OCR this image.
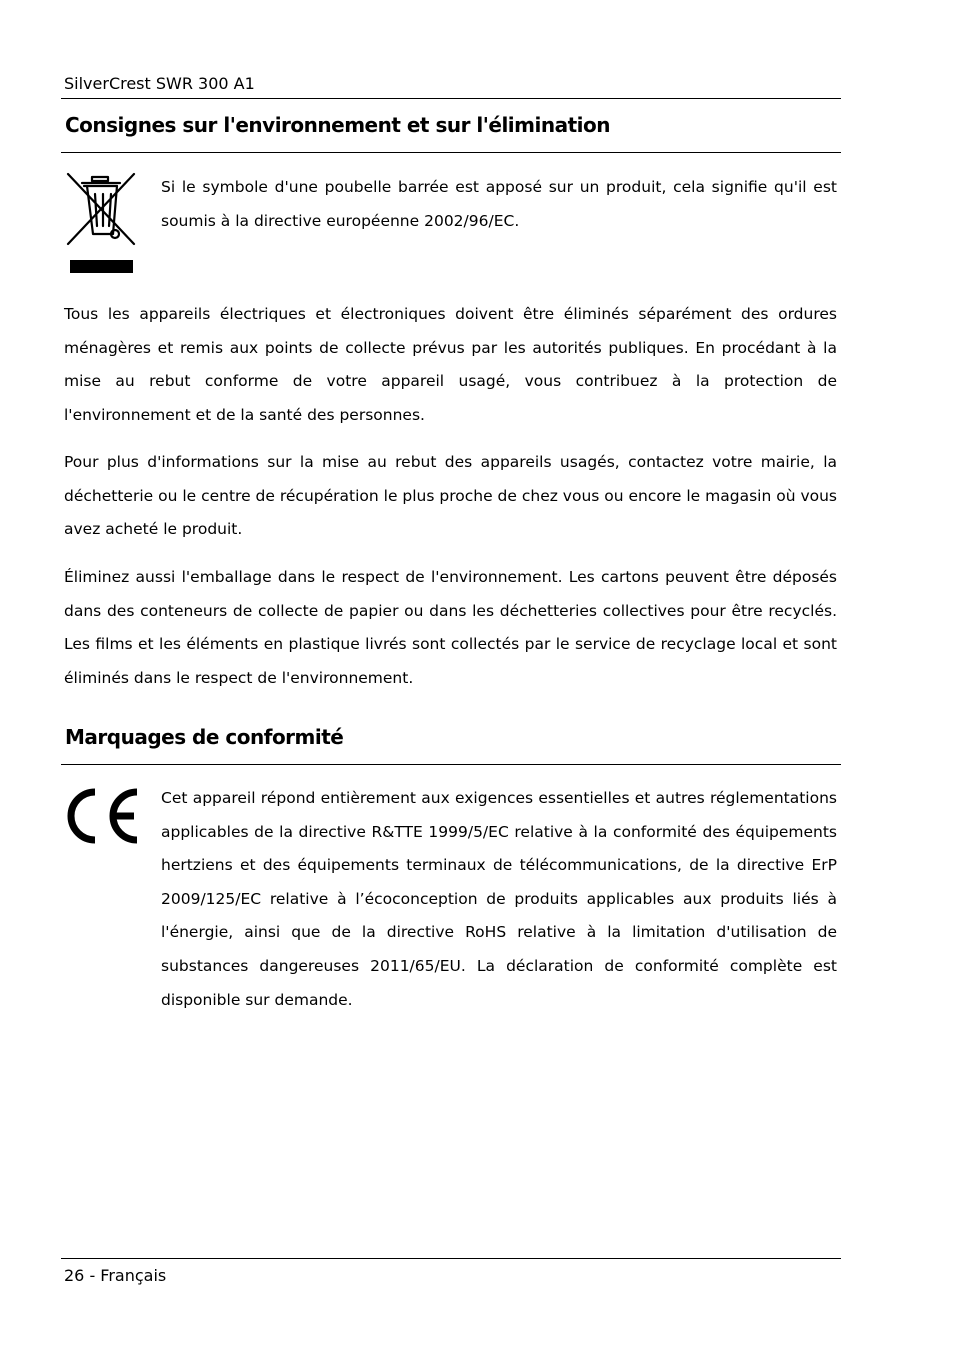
SilverCrest SWR 300 A1
Consignes sur l'environnement et sur l'élimination

Si le symbole d'une poubelle barrée est apposé sur un produit, cela signifie qu'il est soumis à la directive européenne 2002/96/EC.

Tous les appareils électriques et électroniques doivent être éliminés séparément des ordures ménagères et remis aux points de collecte prévus par les autorités publiques. En procédant à la mise au rebut conforme de votre appareil usagé, vous contribuez à la protection de l'environnement et de la santé des personnes.

Pour plus d'informations sur la mise au rebut des appareils usagés, contactez votre mairie, la déchetterie ou le centre de récupération le plus proche de chez vous ou encore le magasin où vous avez acheté le produit.

Éliminez aussi l'emballage dans le respect de l'environnement. Les cartons peuvent être déposés dans des conteneurs de collecte de papier ou dans les déchetteries collectives pour être recyclés. Les films et les éléments en plastique livrés sont collectés par le service de recyclage local et sont éliminés dans le respect de l'environnement.

Marquages de conformité

Cet appareil répond entièrement aux exigences essentielles et autres réglementations applicables de la directive R&TTE 1999/5/EC relative à la conformité des équipements hertziens et des équipements terminaux de télécommunications, de la directive ErP 2009/125/EC relative à l’écoconception de produits applicables aux produits liés à l'énergie, ainsi que de la directive RoHS relative à la limitation d'utilisation de substances dangereuses 2011/65/EU. La déclaration de conformité complète est disponible sur demande.

26 - Français
